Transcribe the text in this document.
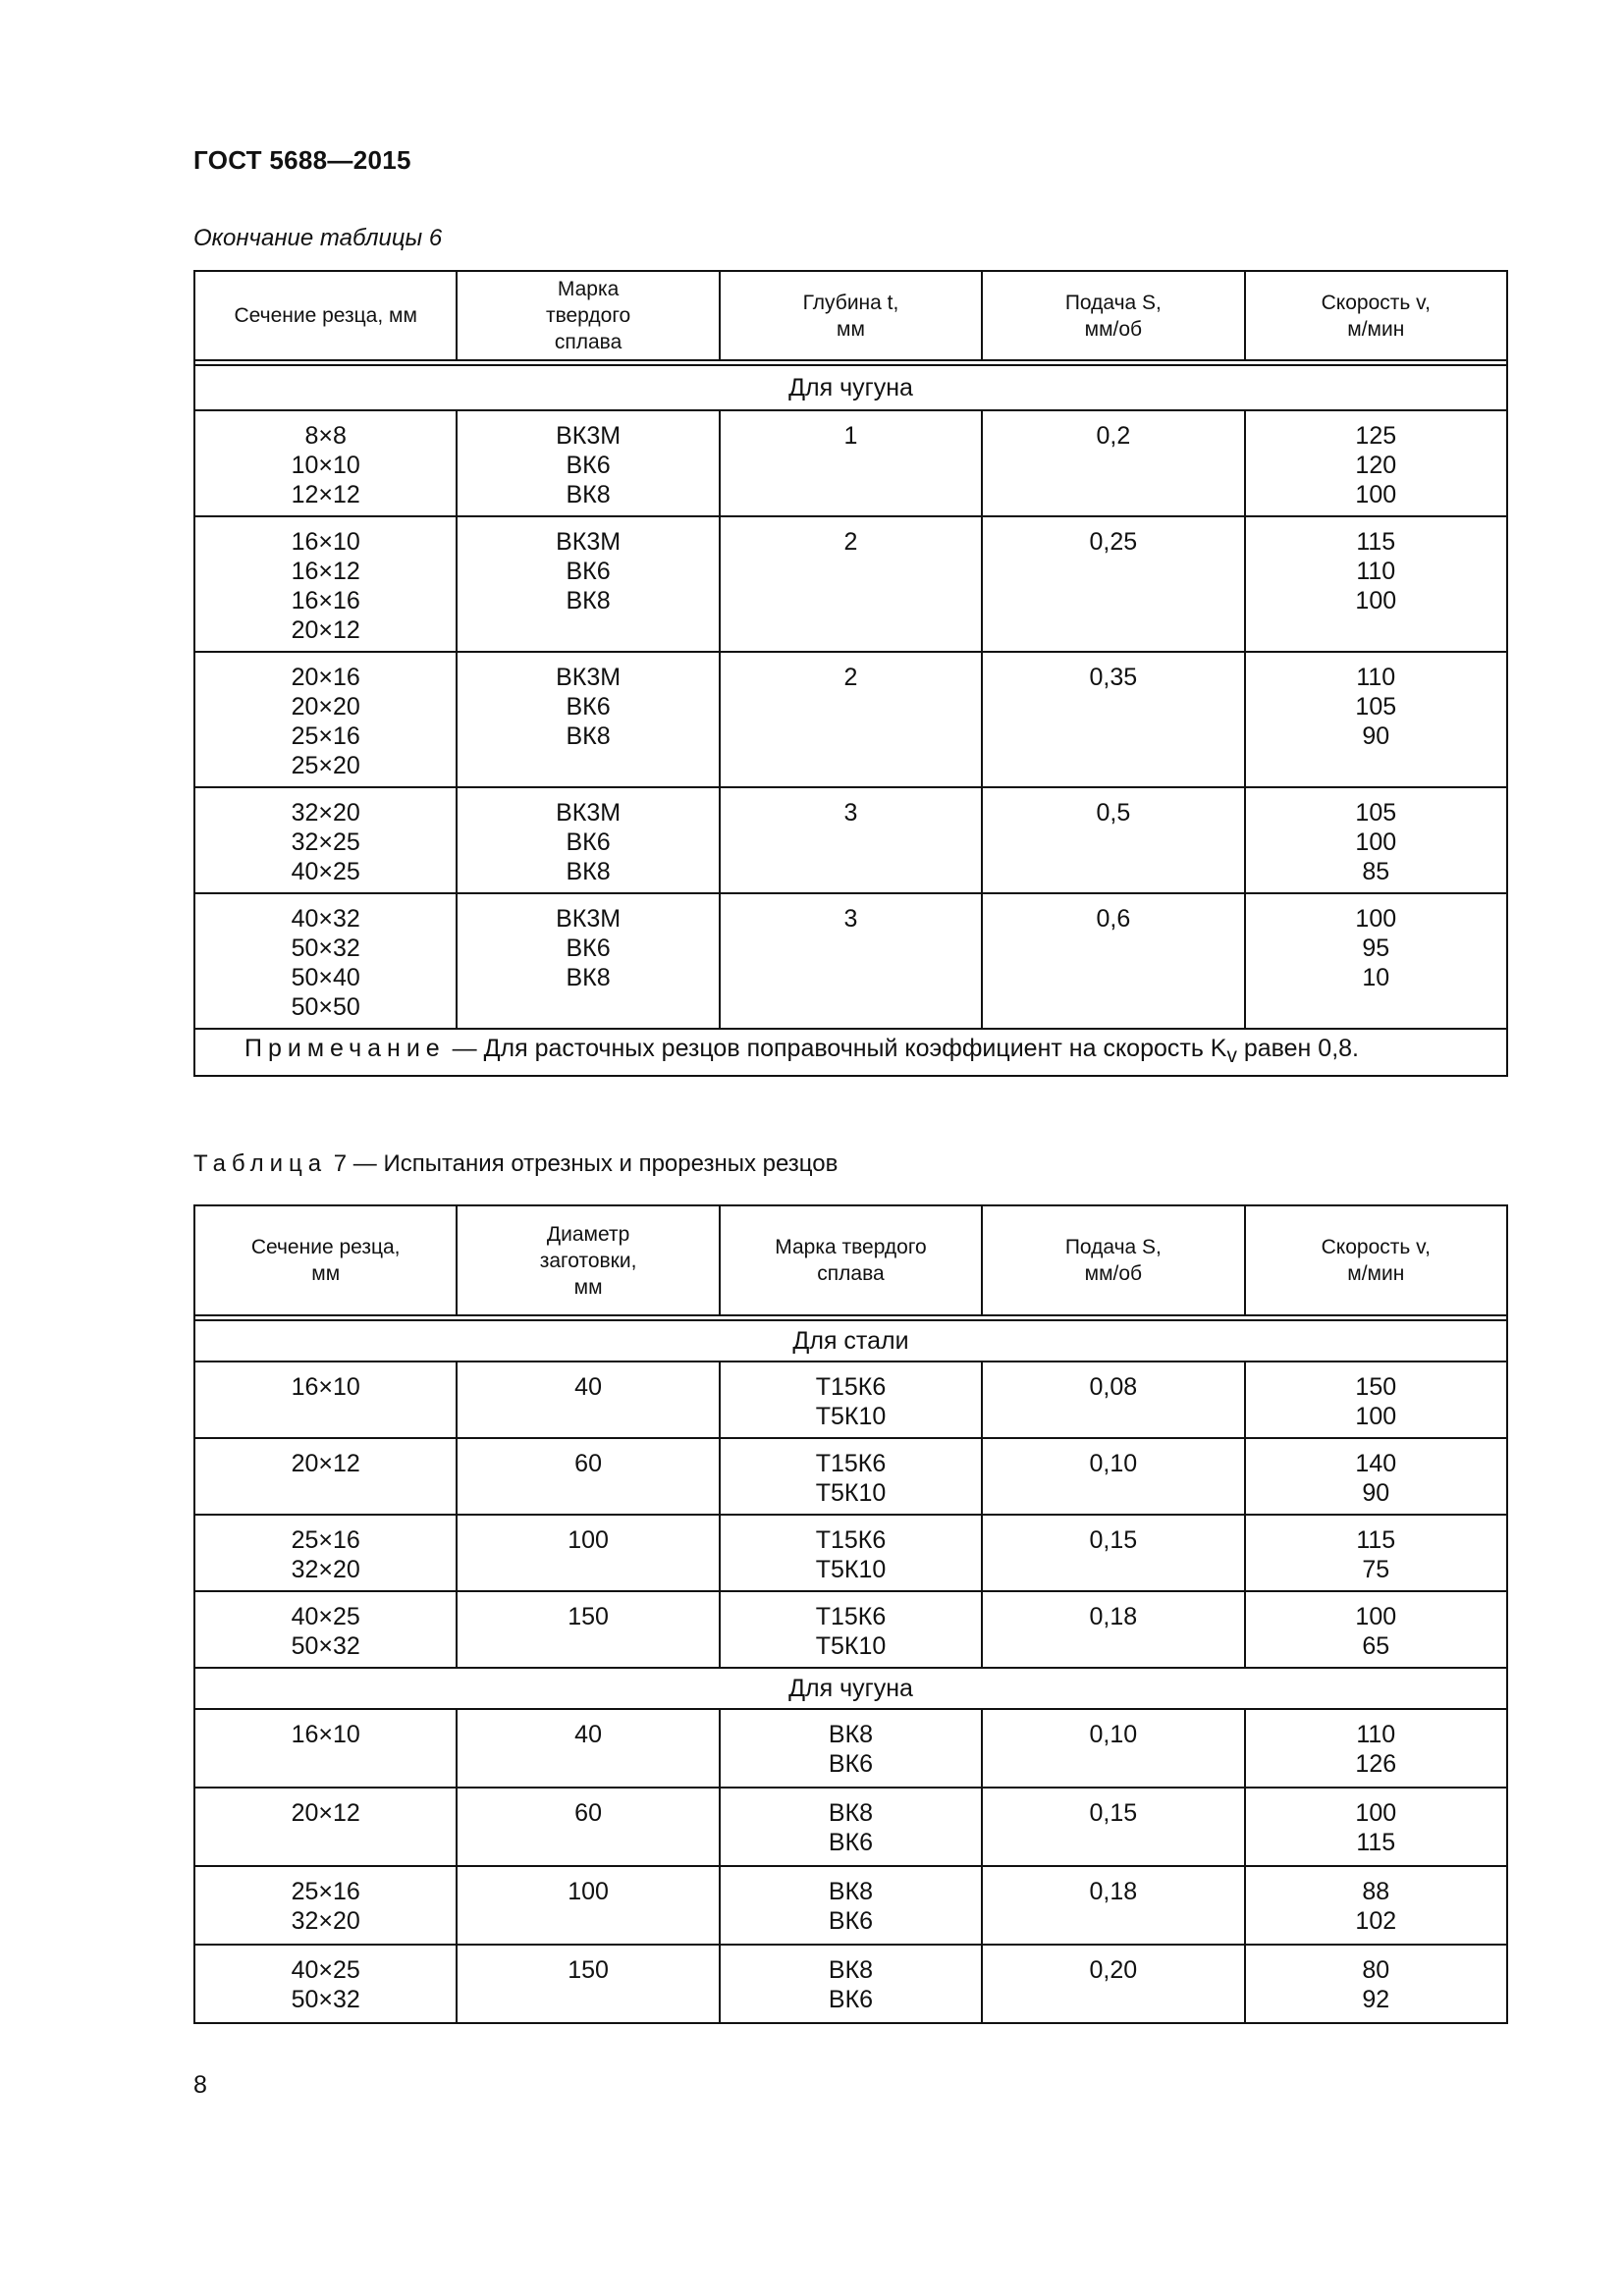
ГОСТ 5688—2015
Окончание таблицы 6
Сечение резца, мм	Марка
твердого
сплава	Глубина t,
мм	Подача S,
мм/об	Скорость v,
м/мин

Для чугуна				

8×8
10×10
12×12	ВК3М
ВК6
ВК8	1	0,2	125
120
100

16×10
16×12
16×16
20×12	ВК3М
ВК6
ВК8	2	0,25	115
110
100

20×16
20×20
25×16
25×20	ВК3М
ВК6
ВК8	2	0,35	110
105
90

32×20
32×25
40×25	ВК3М
ВК6
ВК8	3	0,5	105
100
85

40×32
50×32
50×40
50×50	ВК3М
ВК6
ВК8	3	0,6	100
95
10

Примечание — Для расточных резцов поправочный коэффициент на скорость $K_v$ равен 0,8.				
Таблица 7 — Испытания отрезных и прорезных резцов
Сечение резца,
мм	Диаметр
заготовки,
мм	Марка твердого
сплава	Подача S,
мм/об	Скорость v,
м/мин

Для стали				
16×10	40	Т15К6
Т5К10	0,08	150
100

20×12	60	Т15К6
Т5К10	0,10	140
90

25×16
32×20	100	Т15К6
Т5К10	0,15	115
75

40×25
50×32	150	Т15К6
Т5К10	0,18	100
65

Для чугуна				
16×10	40	ВК8
ВК6	0,10	110
126

20×12	60	ВК8
ВК6	0,15	100
115

25×16
32×20	100	ВК8
ВК6	0,18	88
102

40×25
50×32	150	ВК8
ВК6	0,20	80
92
8
